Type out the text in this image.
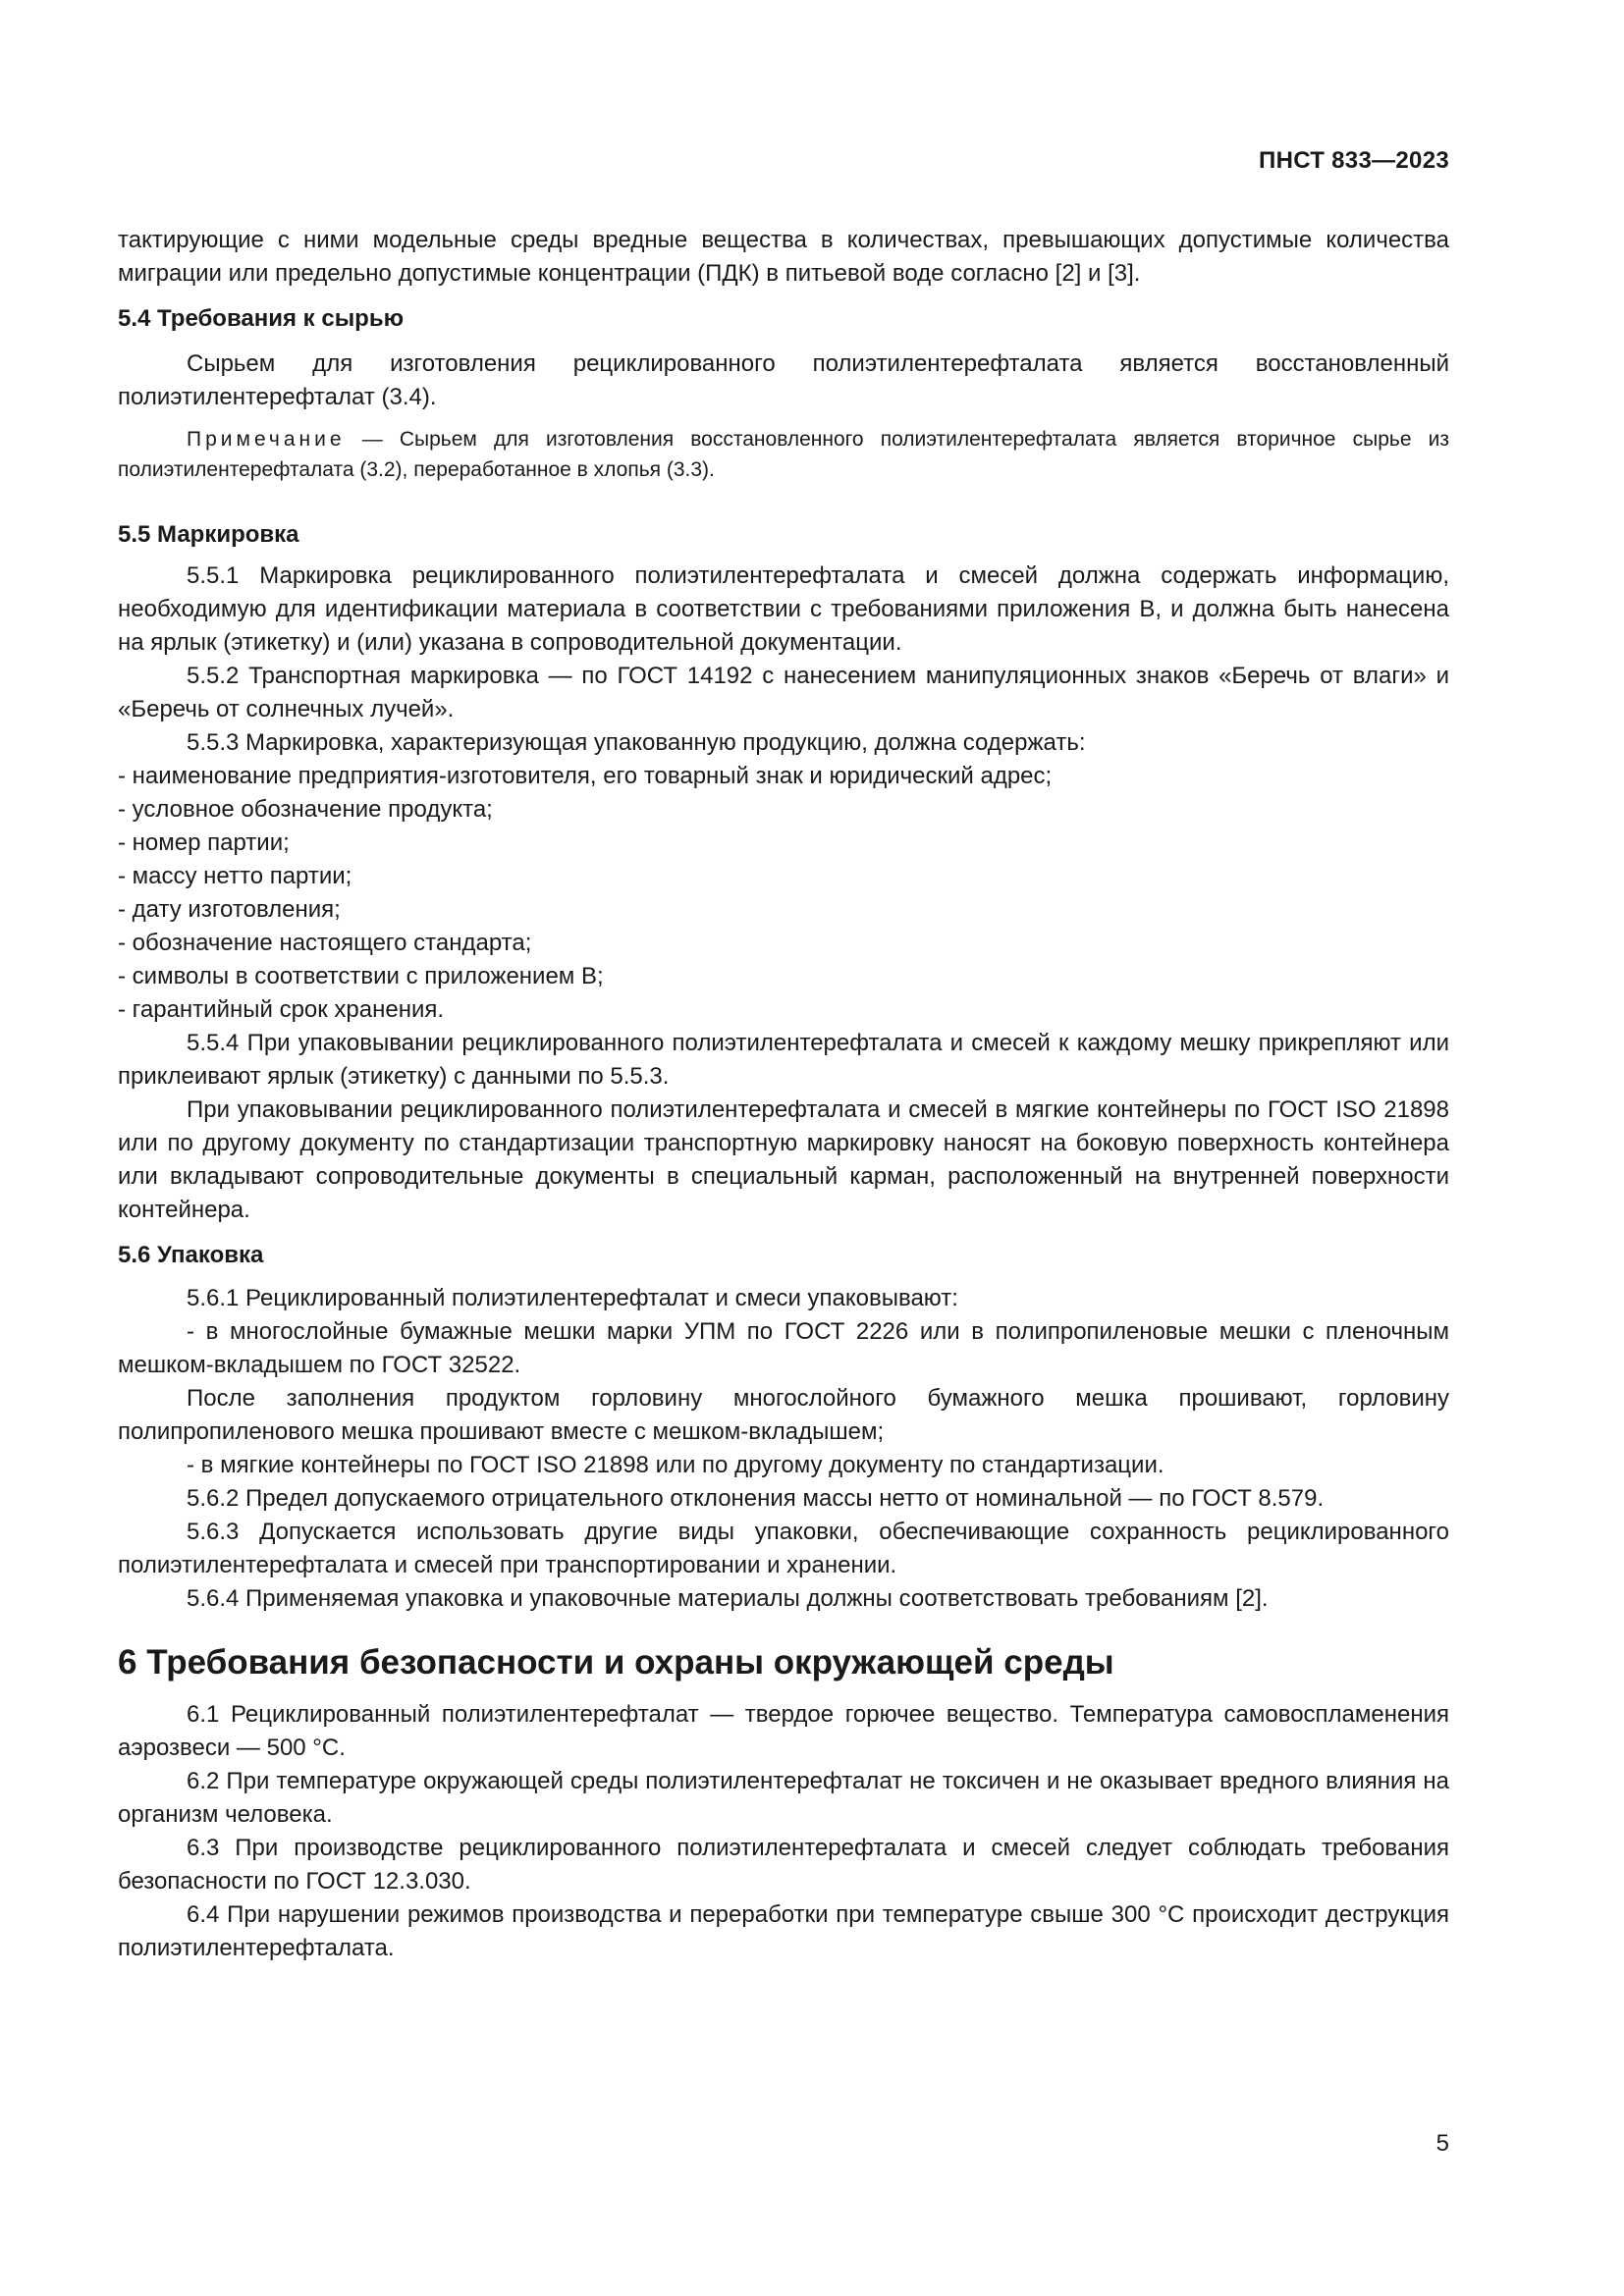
ПНСТ 833—2023

тактирующие с ними модельные среды вредные вещества в количествах, превышающих допустимые количества миграции или предельно допустимые концентрации (ПДК) в питьевой воде согласно [2] и [3].

5.4 Требования к сырью

Сырьем для изготовления рециклированного полиэтилентерефталата является восстановленный полиэтилентерефталат (3.4).

Примечание — Сырьем для изготовления восстановленного полиэтилентерефталата является вторичное сырье из полиэтилентерефталата (3.2), переработанное в хлопья (3.3).

5.5 Маркировка

5.5.1 Маркировка рециклированного полиэтилентерефталата и смесей должна содержать информацию, необходимую для идентификации материала в соответствии с требованиями приложения В, и должна быть нанесена на ярлык (этикетку) и (или) указана в сопроводительной документации.

5.5.2 Транспортная маркировка — по ГОСТ 14192 с нанесением манипуляционных знаков «Беречь от влаги» и «Беречь от солнечных лучей».

5.5.3 Маркировка, характеризующая упакованную продукцию, должна содержать:

- наименование предприятия-изготовителя, его товарный знак и юридический адрес;

- условное обозначение продукта;

- номер партии;

- массу нетто партии;

- дату изготовления;

- обозначение настоящего стандарта;

- символы в соответствии с приложением В;

- гарантийный срок хранения.

5.5.4 При упаковывании рециклированного полиэтилентерефталата и смесей к каждому мешку прикрепляют или приклеивают ярлык (этикетку) с данными по 5.5.3.

При упаковывании рециклированного полиэтилентерефталата и смесей в мягкие контейнеры по ГОСТ ISO 21898 или по другому документу по стандартизации транспортную маркировку наносят на боковую поверхность контейнера или вкладывают сопроводительные документы в специальный карман, расположенный на внутренней поверхности контейнера.

5.6 Упаковка

5.6.1 Рециклированный полиэтилентерефталат и смеси упаковывают:

- в многослойные бумажные мешки марки УПМ по ГОСТ 2226 или в полипропиленовые мешки с пленочным мешком-вкладышем по ГОСТ 32522.

После заполнения продуктом горловину многослойного бумажного мешка прошивают, горловину полипропиленового мешка прошивают вместе с мешком-вкладышем;

- в мягкие контейнеры по ГОСТ ISO 21898 или по другому документу по стандартизации.

5.6.2 Предел допускаемого отрицательного отклонения массы нетто от номинальной — по ГОСТ 8.579.

5.6.3 Допускается использовать другие виды упаковки, обеспечивающие сохранность рециклированного полиэтилентерефталата и смесей при транспортировании и хранении.

5.6.4 Применяемая упаковка и упаковочные материалы должны соответствовать требованиям [2].

6 Требования безопасности и охраны окружающей среды

6.1 Рециклированный полиэтилентерефталат — твердое горючее вещество. Температура самовоспламенения аэрозвеси — 500 °С.

6.2 При температуре окружающей среды полиэтилентерефталат не токсичен и не оказывает вредного влияния на организм человека.

6.3 При производстве рециклированного полиэтилентерефталата и смесей следует соблюдать требования безопасности по ГОСТ 12.3.030.

6.4 При нарушении режимов производства и переработки при температуре свыше 300 °С происходит деструкция полиэтилентерефталата.

5
